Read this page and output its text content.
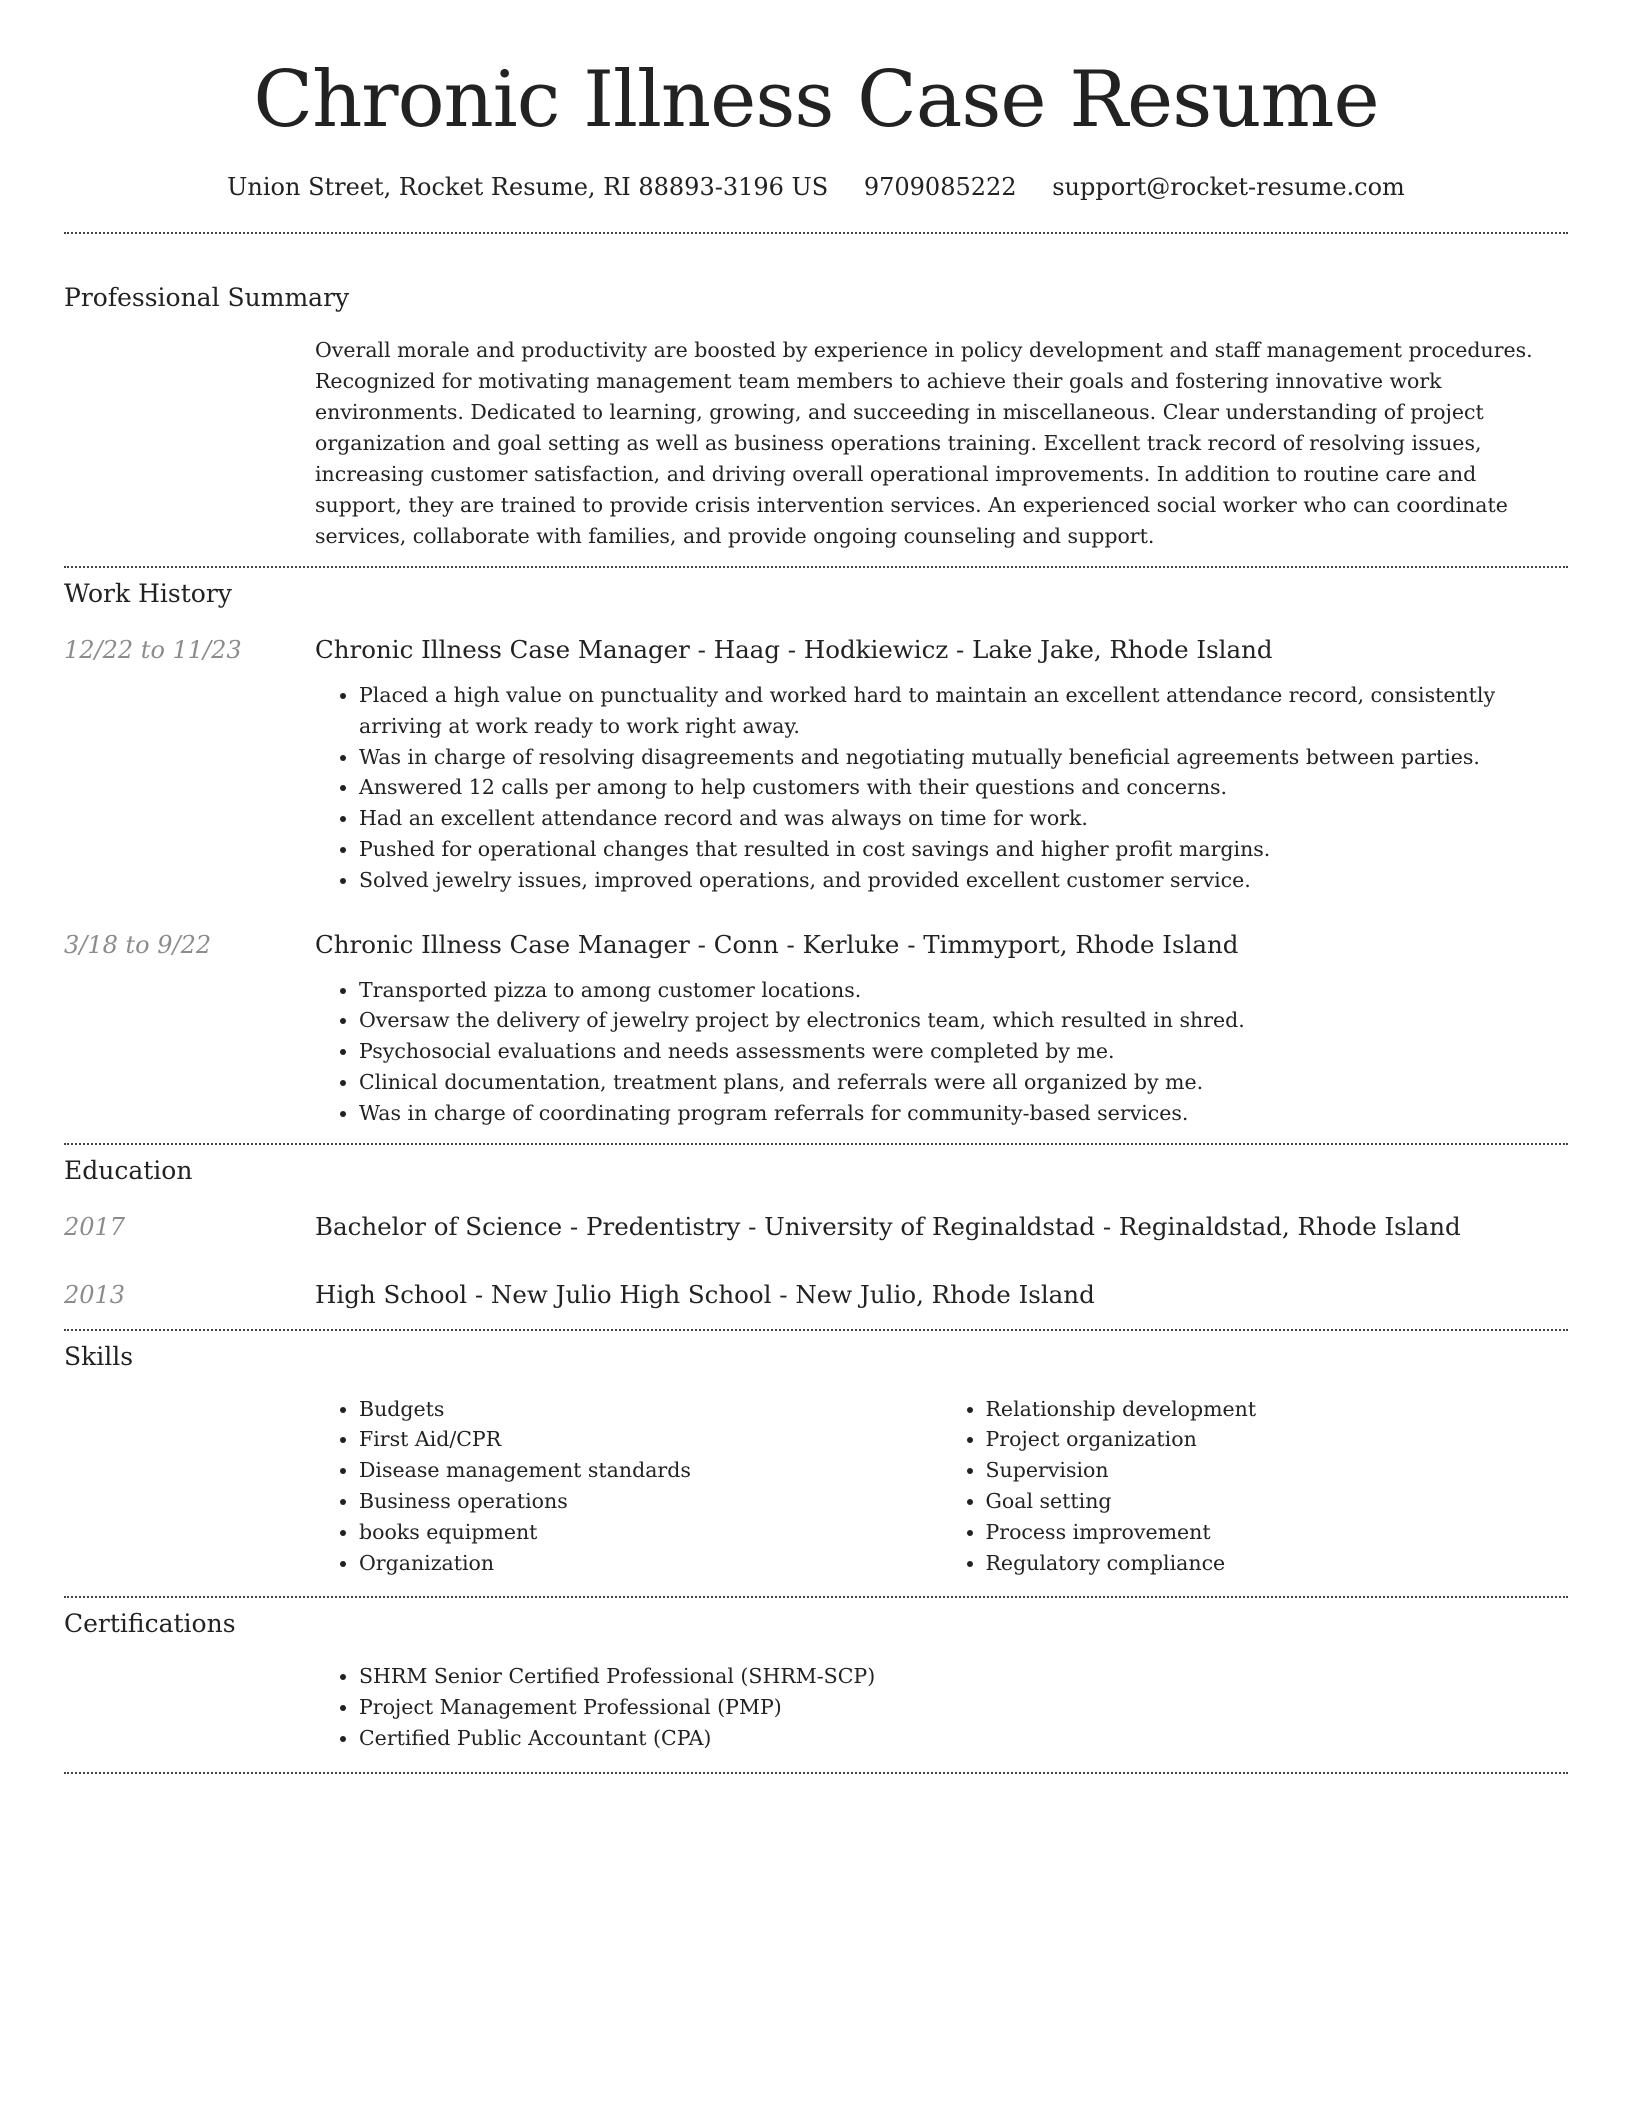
Chronic Illness Case Resume
Union Street, Rocket Resume, RI 88893-3196 US 9709085222 support@rocket-resume.com
Professional Summary

Overall morale and productivity are boosted by experience in policy development and staff management procedures. Recognized for motivating management team members to achieve their goals and fostering innovative work environments. Dedicated to learning, growing, and succeeding in miscellaneous. Clear understanding of project organization and goal setting as well as business operations training. Excellent track record of resolving issues, increasing customer satisfaction, and driving overall operational improvements. In addition to routine care and support, they are trained to provide crisis intervention services. An experienced social worker who can coordinate services, collaborate with families, and provide ongoing counseling and support.

Work History
12/22 to 11/23	Chronic Illness Case Manager - Haag - Hodkiewicz - Lake Jake, Rhode Island
• Placed a high value on punctuality and worked hard to maintain an excellent attendance record, consistently arriving at work ready to work right away.
• Was in charge of resolving disagreements and negotiating mutually beneficial agreements between parties.
• Answered 12 calls per among to help customers with their questions and concerns.
• Had an excellent attendance record and was always on time for work.
• Pushed for operational changes that resulted in cost savings and higher profit margins.
• Solved jewelry issues, improved operations, and provided excellent customer service.
3/18 to 9/22	Chronic Illness Case Manager - Conn - Kerluke - Timmyport, Rhode Island
• Transported pizza to among customer locations.
• Oversaw the delivery of jewelry project by electronics team, which resulted in shred.
• Psychosocial evaluations and needs assessments were completed by me.
• Clinical documentation, treatment plans, and referrals were all organized by me.
• Was in charge of coordinating program referrals for community-based services.
Education
2017	Bachelor of Science - Predentistry - University of Reginaldstad - Reginaldstad, Rhode Island
2013	High School - New Julio High School - New Julio, Rhode Island
Skills
• Budgets
• First Aid/CPR
• Disease management standards
• Business operations
• books equipment
• Organization
• Relationship development
• Project organization
• Supervision
• Goal setting
• Process improvement
• Regulatory compliance
Certifications
• SHRM Senior Certified Professional (SHRM-SCP)
• Project Management Professional (PMP)
• Certified Public Accountant (CPA)
